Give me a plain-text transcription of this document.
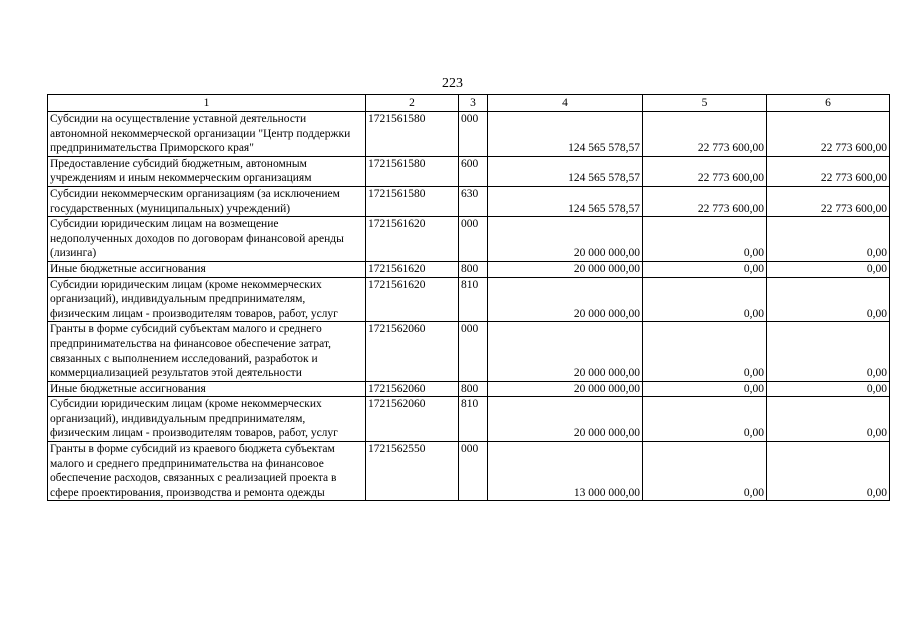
223
1	2	3	4	5	6
Субсидии на осуществление уставной деятельности автономной некоммерческой организации "Центр поддержки предпринимательства Приморского края"	1721561580	000	124 565 578,57	22 773 600,00	22 773 600,00
Предоставление субсидий бюджетным, автономным учреждениям и иным некоммерческим организациям	1721561580	600	124 565 578,57	22 773 600,00	22 773 600,00
Субсидии некоммерческим организациям (за исключением государственных (муниципальных) учреждений)	1721561580	630	124 565 578,57	22 773 600,00	22 773 600,00
Субсидии юридическим лицам на возмещение недополученных доходов по договорам финансовой аренды (лизинга)	1721561620	000	20 000 000,00	0,00	0,00
Иные бюджетные ассигнования	1721561620	800	20 000 000,00	0,00	0,00
Субсидии юридическим лицам (кроме некоммерческих организаций), индивидуальным предпринимателям, физическим лицам - производителям товаров, работ, услуг	1721561620	810	20 000 000,00	0,00	0,00
Гранты в форме субсидий субъектам малого и среднего предпринимательства на финансовое обеспечение затрат, связанных с выполнением исследований, разработок и коммерциализацией результатов этой деятельности	1721562060	000	20 000 000,00	0,00	0,00
Иные бюджетные ассигнования	1721562060	800	20 000 000,00	0,00	0,00
Субсидии юридическим лицам (кроме некоммерческих организаций), индивидуальным предпринимателям, физическим лицам - производителям товаров, работ, услуг	1721562060	810	20 000 000,00	0,00	0,00
Гранты в форме субсидий из краевого бюджета субъектам малого и среднего предпринимательства на финансовое обеспечение расходов, связанных с реализацией проекта в сфере проектирования, производства и ремонта одежды	1721562550	000	13 000 000,00	0,00	0,00
